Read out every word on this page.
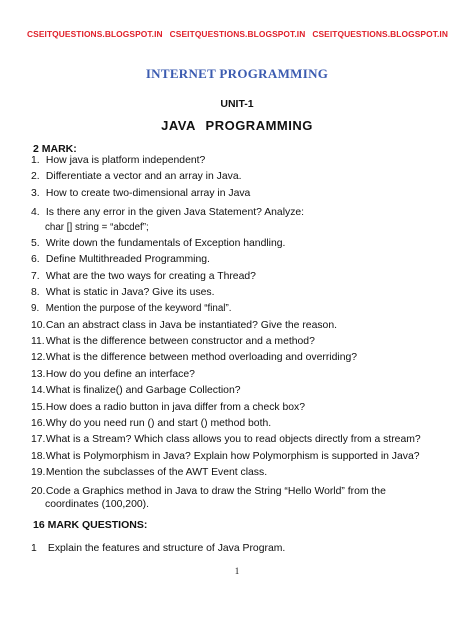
CSEITQUESTIONS.BLOGSPOT.IN CSEITQUESTIONS.BLOGSPOT.IN CSEITQUESTIONS.BLOGSPOT.IN
INTERNET PROGRAMMING
UNIT-1
JAVA PROGRAMMING
2 MARK:
1. How java is platform independent?
2. Differentiate a vector and an array in Java.
3. How to create two-dimensional array in Java
4. Is there any error in the given Java Statement? Analyze:
char [] string = “abcdef”;
5. Write down the fundamentals of Exception handling.
6. Define Multithreaded Programming.
7. What are the two ways for creating a Thread?
8. What is static in Java? Give its uses.
9. Mention the purpose of the keyword “final”.
10. Can an abstract class in Java be instantiated? Give the reason.
11. What is the difference between constructor and a method?
12. What is the difference between method overloading and overriding?
13. How do you define an interface?
14. What is finalize() and Garbage Collection?
15. How does a radio button in java differ from a check box?
16. Why do you need run () and start () method both.
17. What is a Stream? Which class allows you to read objects directly from a stream?
18. What is Polymorphism in Java? Explain how Polymorphism is supported in Java?
19. Mention the subclasses of the AWT Event class.
20. Code a Graphics method in Java to draw the String “Hello World” from the
coordinates (100,200).
16 MARK QUESTIONS:
1 Explain the features and structure of Java Program.
1
